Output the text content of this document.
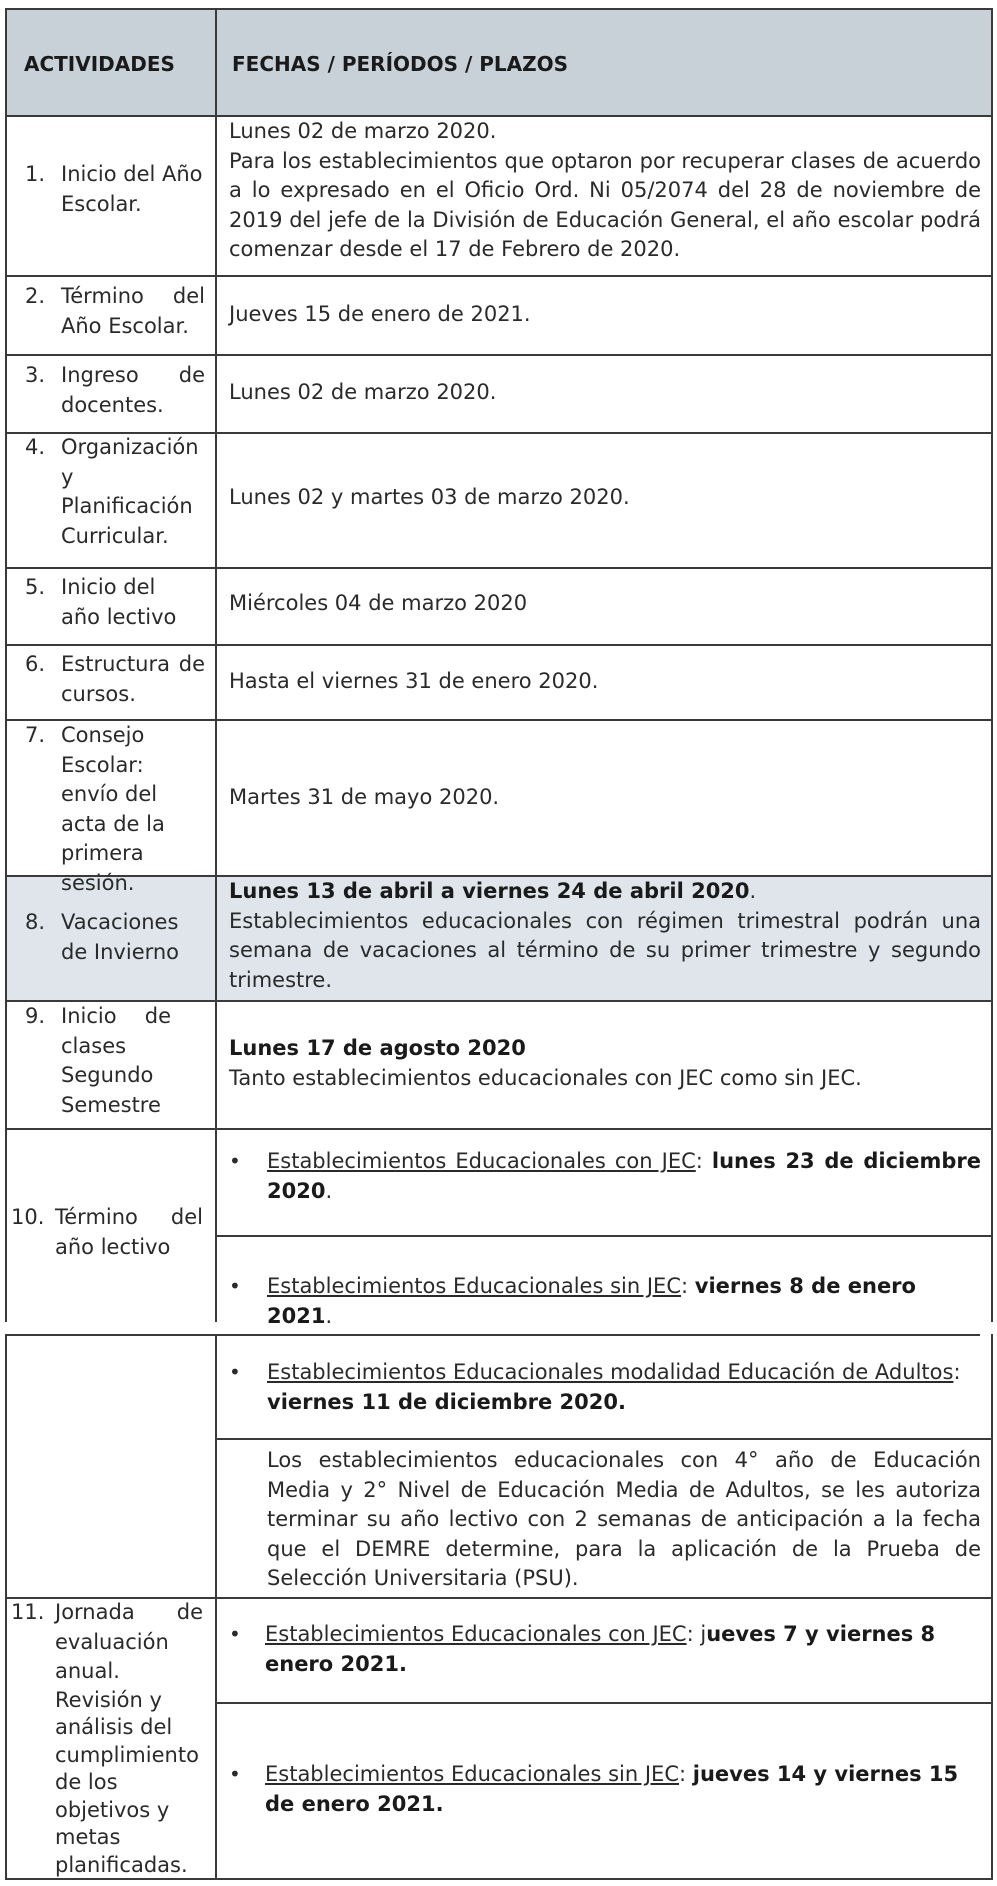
ACTIVIDADES	FECHAS / PERÍODOS / PLAZOS
1. Inicio del Año Escolar.
Lunes 02 de marzo 2020.
Para los establecimientos que optaron por recuperar clases de acuerdo a lo expresado en el Oficio Ord. Ni 05/2074 del 28 de noviembre de 2019 del jefe de la División de Educación General, el año escolar podrá comenzar desde el 17 de Febrero de 2020.
2. Término del Año Escolar.	Jueves 15 de enero de 2021.
3. Ingreso de docentes.
Lunes 02 de marzo 2020.
4. Organización y Planificación Curricular.
Lunes 02 y martes 03 de marzo 2020.
5. Inicio del año lectivo
Miércoles 04 de marzo 2020
6. Estructura de cursos.
Hasta el viernes 31 de enero 2020.
7. Consejo Escolar: envío del acta de la primera sesión.
Martes 31 de mayo 2020.
8. Vacaciones de Invierno
Lunes 13 de abril a viernes 24 de abril 2020.
Establecimientos educacionales con régimen trimestral podrán una semana de vacaciones al término de su primer trimestre y segundo trimestre.
9. Inicio de clases Segundo Semestre
Lunes 17 de agosto 2020
Tanto establecimientos educacionales con JEC como sin JEC.
10. Término del año lectivo
• Establecimientos Educacionales con JEC: lunes 23 de diciembre 2020.
• Establecimientos Educacionales sin JEC: viernes 8 de enero 2021.
• Establecimientos Educacionales modalidad Educación de Adultos:
viernes 11 de diciembre 2020.
Los establecimientos educacionales con 4° año de Educación Media y 2° Nivel de Educación Media de Adultos, se les autoriza terminar su año lectivo con 2 semanas de anticipación a la fecha que el DEMRE determine, para la aplicación de la Prueba de Selección Universitaria (PSU).
11. Jornada de evaluación anual.
Revisión y análisis del cumplimiento de los objetivos y metas planificadas.
• Establecimientos Educacionales con JEC: jueves 7 y viernes 8 enero 2021.
• Establecimientos Educacionales sin JEC: jueves 14 y viernes 15 de enero 2021.
